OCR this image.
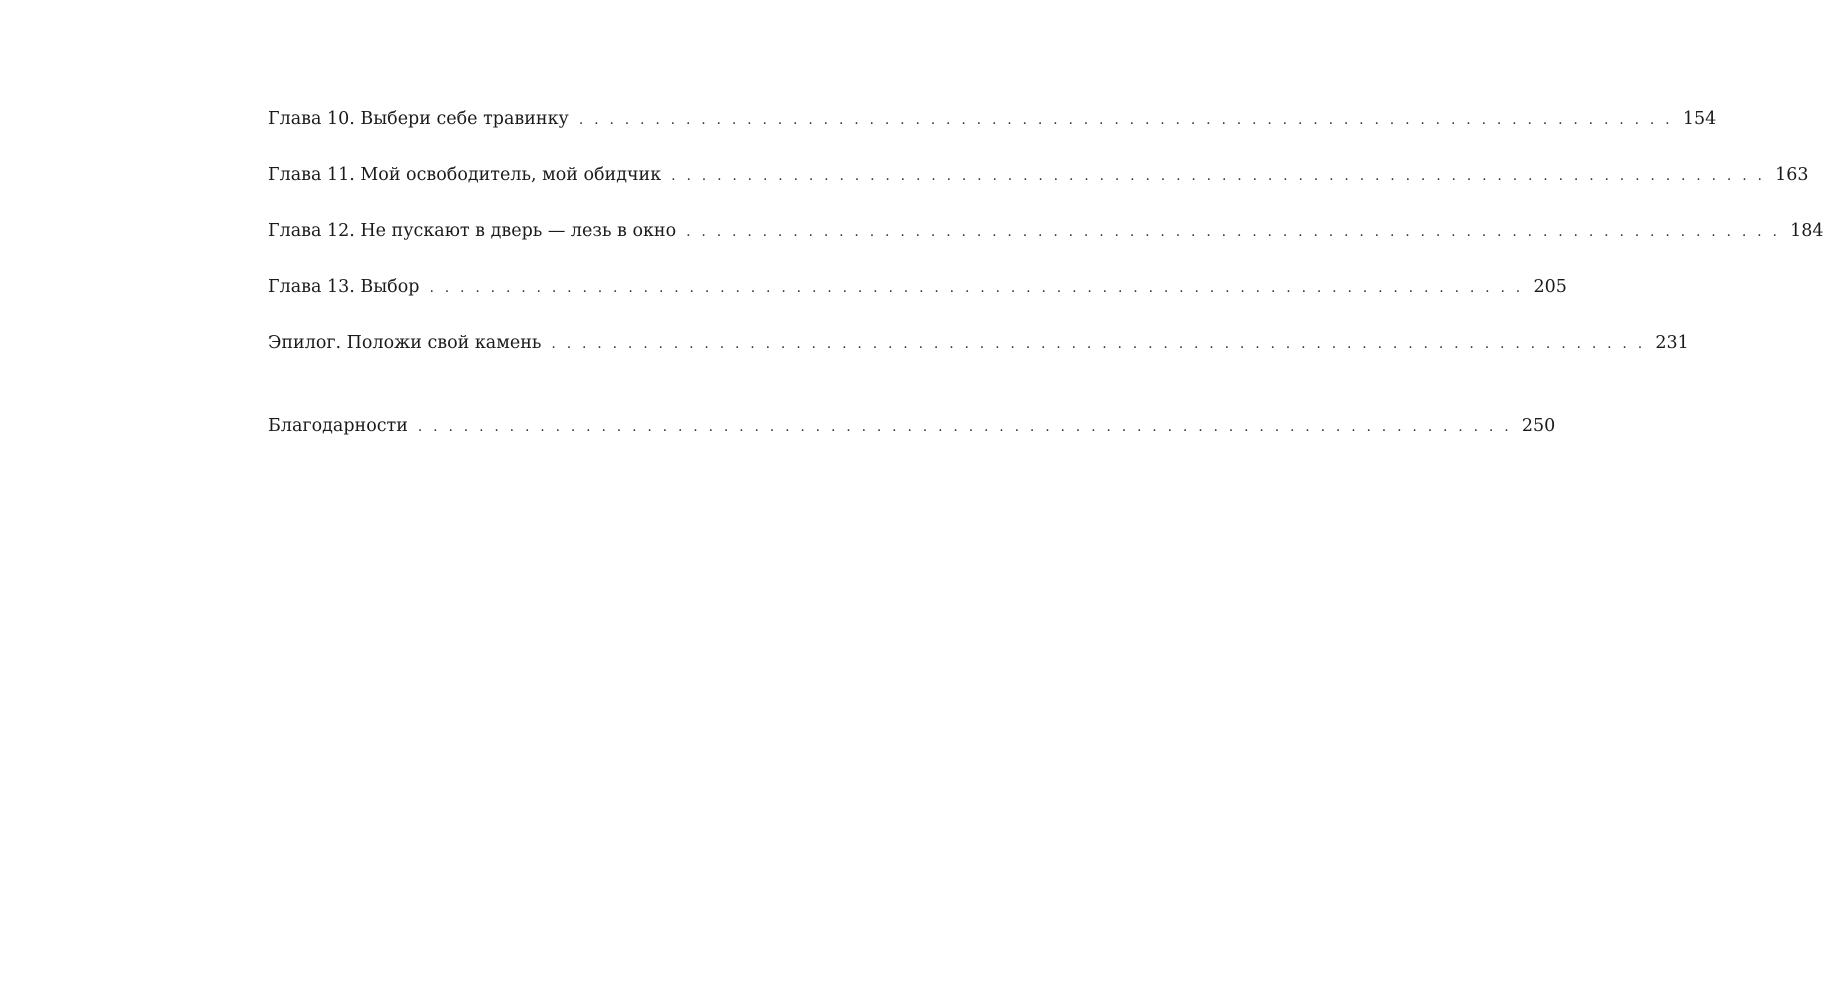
Глава 10. Выбери себе травинку . . . . . . . . . . . . . . . . . . . . . . . . . . . . . . . . . . . . . . . . . . . . . . . . . . . . . . . . . . . . . . . . . . . . . . . . 154
Глава 11. Мой освободитель, мой обидчик . . . . . . . . . . . . . . . . . . . . . . . . . . . . . . . . . . . . . . . . . . . . . . . . . . . . . . . . . . . . . . . . . . . . . . . . 163
Глава 12. Не пускают в дверь — лезь в окно . . . . . . . . . . . . . . . . . . . . . . . . . . . . . . . . . . . . . . . . . . . . . . . . . . . . . . . . . . . . . . . . . . . . . . . . 184
Глава 13. Выбор . . . . . . . . . . . . . . . . . . . . . . . . . . . . . . . . . . . . . . . . . . . . . . . . . . . . . . . . . . . . . . . . . . . . . . . . 205
Эпилог. Положи свой камень . . . . . . . . . . . . . . . . . . . . . . . . . . . . . . . . . . . . . . . . . . . . . . . . . . . . . . . . . . . . . . . . . . . . . . . . 231
Благодарности . . . . . . . . . . . . . . . . . . . . . . . . . . . . . . . . . . . . . . . . . . . . . . . . . . . . . . . . . . . . . . . . . . . . . . . . 250
